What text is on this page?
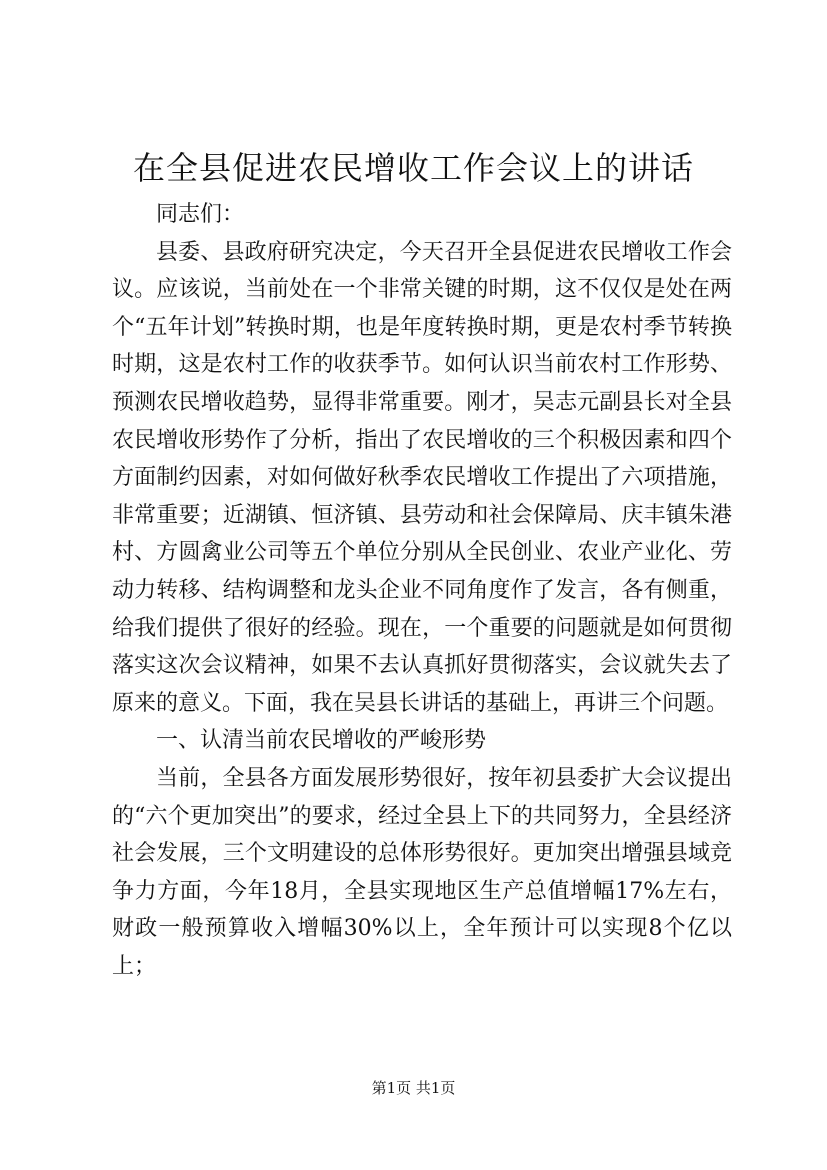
在全县促进农民增收工作会议上的讲话

同志们：

县委、县政府研究决定，今天召开全县促进农民增收工作会议。应该说，当前处在一个非常关键的时期，这不仅仅是处在两个“五年计划”转换时期，也是年度转换时期，更是农村季节转换时期，这是农村工作的收获季节。如何认识当前农村工作形势、预测农民增收趋势，显得非常重要。刚才，吴志元副县长对全县农民增收形势作了分析，指出了农民增收的三个积极因素和四个方面制约因素，对如何做好秋季农民增收工作提出了六项措施，非常重要；近湖镇、恒济镇、县劳动和社会保障局、庆丰镇朱港村、方圆禽业公司等五个单位分别从全民创业、农业产业化、劳动力转移、结构调整和龙头企业不同角度作了发言，各有侧重，给我们提供了很好的经验。现在，一个重要的问题就是如何贯彻落实这次会议精神，如果不去认真抓好贯彻落实，会议就失去了原来的意义。下面，我在吴县长讲话的基础上，再讲三个问题。

一、认清当前农民增收的严峻形势

当前，全县各方面发展形势很好，按年初县委扩大会议提出的“六个更加突出”的要求，经过全县上下的共同努力，全县经济社会发展，三个文明建设的总体形势很好。更加突出增强县域竞争力方面，今年18月，全县实现地区生产总值增幅17%左右，财政一般预算收入增幅30%以上，全年预计可以实现8个亿以上；

第1页 共1页
